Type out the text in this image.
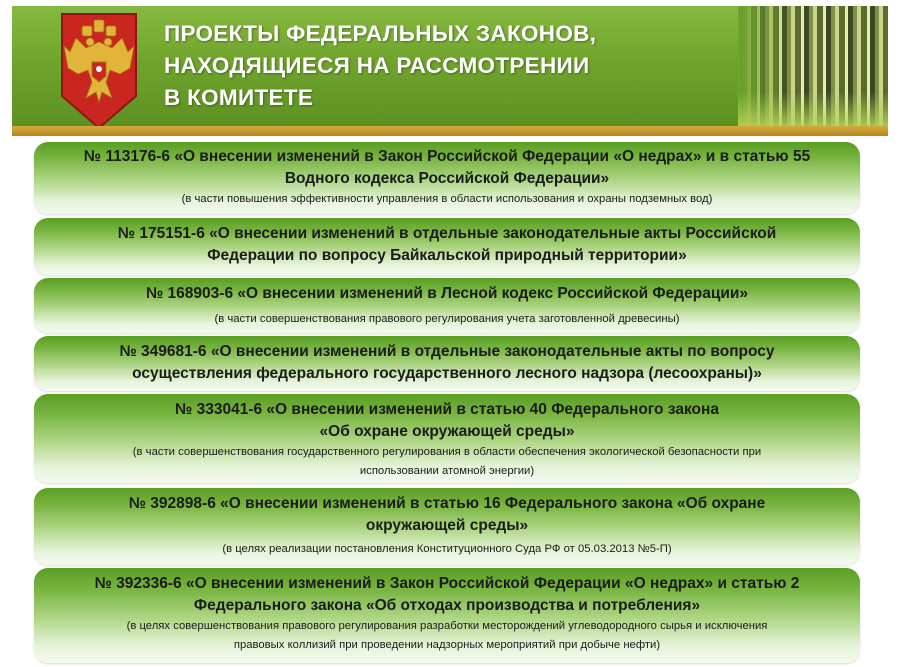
ПРОЕКТЫ ФЕДЕРАЛЬНЫХ ЗАКОНОВ,
НАХОДЯЩИЕСЯ НА РАССМОТРЕНИИ
В КОМИТЕТЕ
№ 113176-6 «О внесении изменений в Закон Российской Федерации «О недрах» и в статью 55
Водного кодекса Российской Федерации»
(в части повышения эффективности управления в области использования и охраны подземных вод)
№ 175151-6 «О внесении изменений в отдельные законодательные акты Российской
Федерации по вопросу Байкальской природный территории»
№ 168903-6 «О внесении изменений в Лесной кодекс Российской Федерации»
(в части совершенствования правового регулирования учета заготовленной древесины)
№ 349681-6 «О внесении изменений в отдельные законодательные акты по вопросу
осуществления федерального государственного лесного надзора (лесоохраны)»
№ 333041-6 «О внесении изменений в статью 40 Федерального закона
«Об охране окружающей среды»
(в части совершенствования государственного регулирования в области обеспечения экологической безопасности при
использовании атомной энергии)
№ 392898-6 «О внесении изменений в статью 16 Федерального закона «Об охране
окружающей среды»
(в целях реализации постановления Конституционного Суда РФ от 05.03.2013 №5-П)
№ 392336-6 «О внесении изменений в Закон Российской Федерации «О недрах» и статью 2
Федерального закона «Об отходах производства и потребления»
(в целях совершенствования правового регулирования разработки месторождений углеводородного сырья и исключения
правовых коллизий при проведении надзорных мероприятий при добыче нефти)
